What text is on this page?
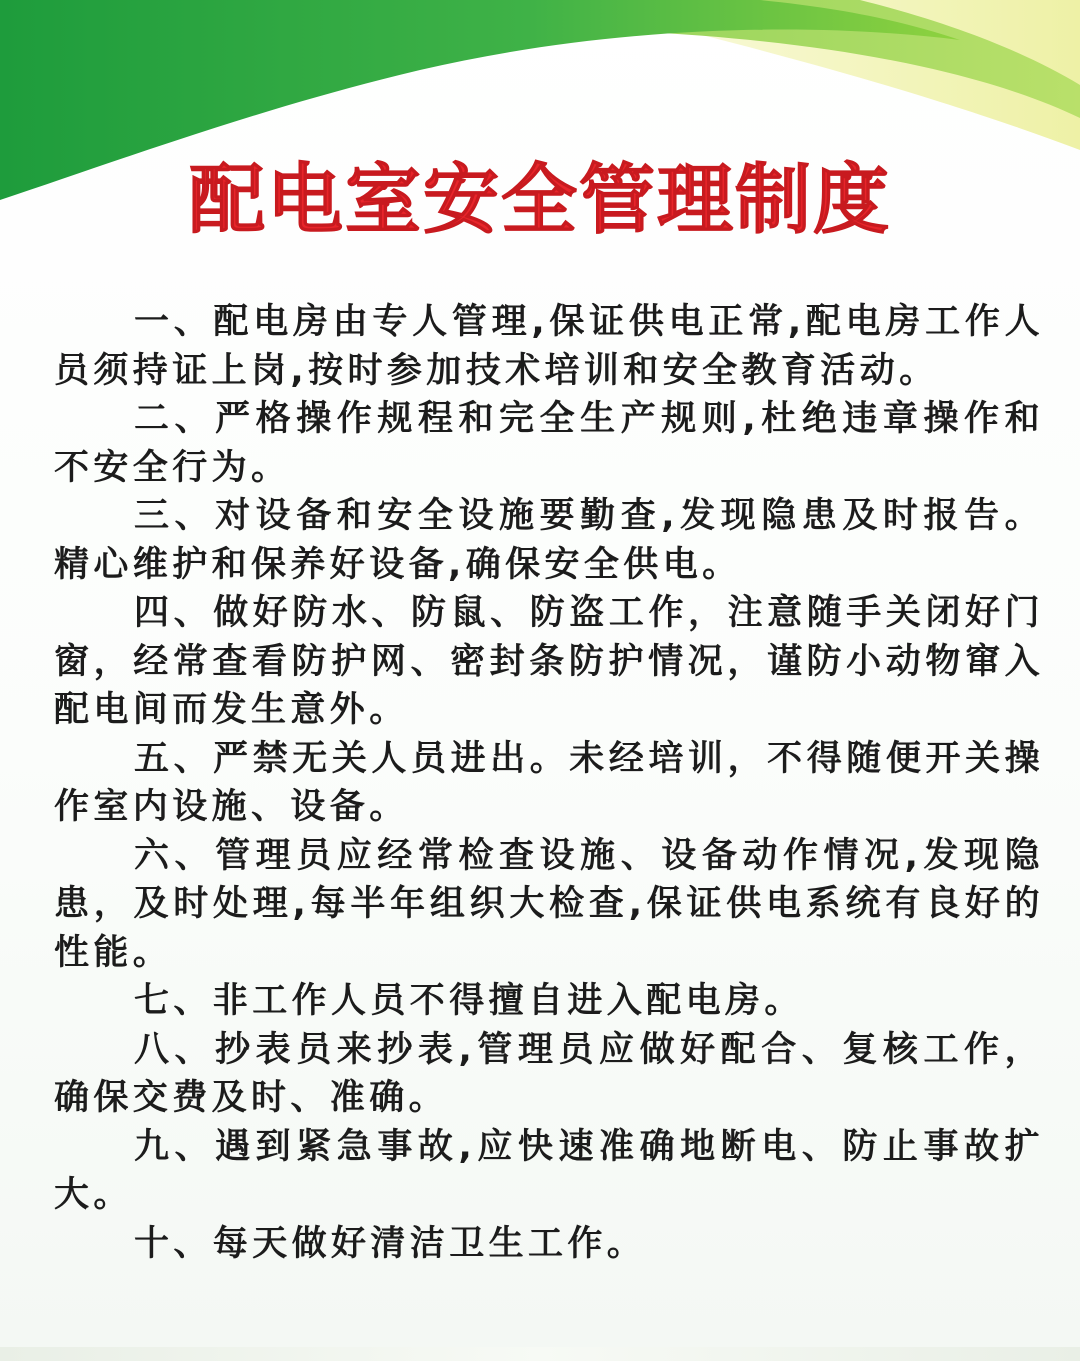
配电室安全管理制度
一、配电房由专人管理,保证供电正常,配电房工作人员须持证上岗,按时参加技术培训和安全教育活动。
二、严格操作规程和完全生产规则,杜绝违章操作和不安全行为。
三、对设备和安全设施要勤查,发现隐患及时报告。精心维护和保养好设备,确保安全供电。
四、做好防水、防鼠、防盗工作，注意随手关闭好门窗，经常查看防护网、密封条防护情况，谨防小动物窜入配电间而发生意外。
五、严禁无关人员进出。未经培训，不得随便开关操作室内设施、设备。
六、管理员应经常检查设施、设备动作情况,发现隐患，及时处理,每半年组织大检查,保证供电系统有良好的性能。
七、非工作人员不得擅自进入配电房。
八、抄表员来抄表,管理员应做好配合、复核工作，确保交费及时、准确。
九、遇到紧急事故,应快速准确地断电、防止事故扩大。
十、每天做好清洁卫生工作。
